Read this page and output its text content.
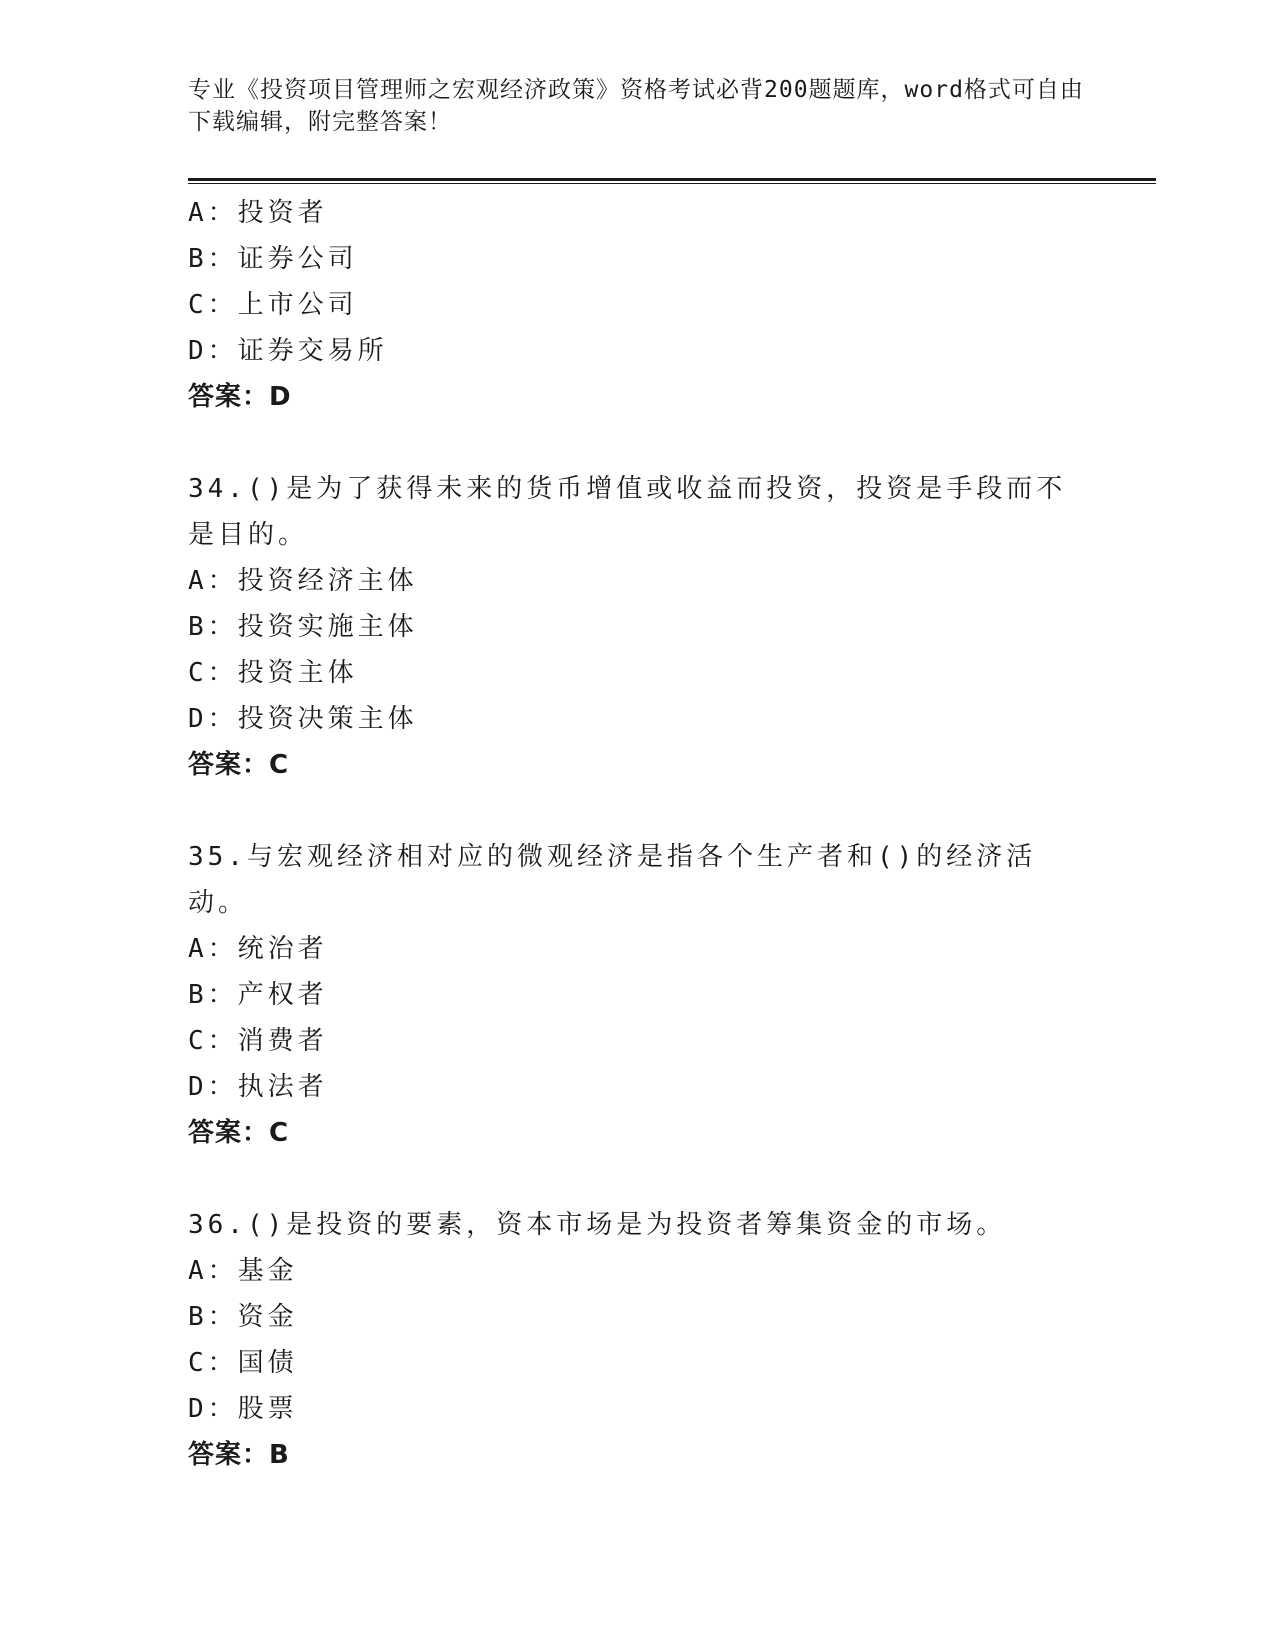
专业《投资项目管理师之宏观经济政策》资格考试必背200题题库，word格式可自由下载编辑，附完整答案！
A：投资者
B：证券公司
C：上市公司
D：证券交易所
答案：D
34.()是为了获得未来的货币增值或收益而投资，投资是手段而不是目的。
A：投资经济主体
B：投资实施主体
C：投资主体
D：投资决策主体
答案：C
35.与宏观经济相对应的微观经济是指各个生产者和()的经济活动。
A：统治者
B：产权者
C：消费者
D：执法者
答案：C
36.()是投资的要素，资本市场是为投资者筹集资金的市场。
A：基金
B：资金
C：国债
D：股票
答案：B
